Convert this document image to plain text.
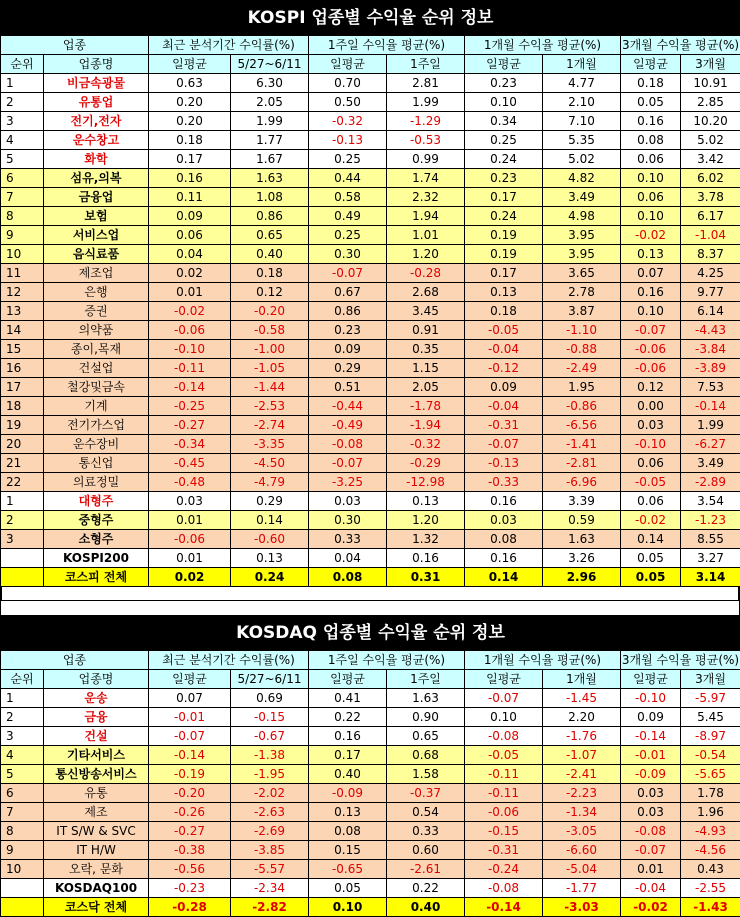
KOSPI 업종별 수익율 순위 정보									
업종		최근 분석기간 수익률(%)		1주일 수익율 평균(%)		1개월 수익율 평균(%)		3개월 수익율 평균(%)	
순위	업종명	일평균	5/27~6/11	일평균	1주일	일평균	1개월	일평균	3개월
1	비금속광물	0.63	6.30	0.70	2.81	0.23	4.77	0.18	10.91
2	유통업	0.20	2.05	0.50	1.99	0.10	2.10	0.05	2.85
3	전기,전자	0.20	1.99	-0.32	-1.29	0.34	7.10	0.16	10.20
4	운수창고	0.18	1.77	-0.13	-0.53	0.25	5.35	0.08	5.02
5	화학	0.17	1.67	0.25	0.99	0.24	5.02	0.06	3.42
6	섬유,의복	0.16	1.63	0.44	1.74	0.23	4.82	0.10	6.02
7	금융업	0.11	1.08	0.58	2.32	0.17	3.49	0.06	3.78
8	보험	0.09	0.86	0.49	1.94	0.24	4.98	0.10	6.17
9	서비스업	0.06	0.65	0.25	1.01	0.19	3.95	-0.02	-1.04
10	음식료품	0.04	0.40	0.30	1.20	0.19	3.95	0.13	8.37
11	제조업	0.02	0.18	-0.07	-0.28	0.17	3.65	0.07	4.25
12	은행	0.01	0.12	0.67	2.68	0.13	2.78	0.16	9.77
13	증권	-0.02	-0.20	0.86	3.45	0.18	3.87	0.10	6.14
14	의약품	-0.06	-0.58	0.23	0.91	-0.05	-1.10	-0.07	-4.43
15	종이,목재	-0.10	-1.00	0.09	0.35	-0.04	-0.88	-0.06	-3.84
16	건설업	-0.11	-1.05	0.29	1.15	-0.12	-2.49	-0.06	-3.89
17	철강및금속	-0.14	-1.44	0.51	2.05	0.09	1.95	0.12	7.53
18	기계	-0.25	-2.53	-0.44	-1.78	-0.04	-0.86	0.00	-0.14
19	전기가스업	-0.27	-2.74	-0.49	-1.94	-0.31	-6.56	0.03	1.99
20	운수장비	-0.34	-3.35	-0.08	-0.32	-0.07	-1.41	-0.10	-6.27
21	통신업	-0.45	-4.50	-0.07	-0.29	-0.13	-2.81	0.06	3.49
22	의료정밀	-0.48	-4.79	-3.25	-12.98	-0.33	-6.96	-0.05	-2.89
1	대형주	0.03	0.29	0.03	0.13	0.16	3.39	0.06	3.54
2	중형주	0.01	0.14	0.30	1.20	0.03	0.59	-0.02	-1.23
3	소형주	-0.06	-0.60	0.33	1.32	0.08	1.63	0.14	8.55
	KOSPI200	0.01	0.13	0.04	0.16	0.16	3.26	0.05	3.27
	코스피 전체	0.02	0.24	0.08	0.31	0.14	2.96	0.05	3.14
KOSDAQ 업종별 수익율 순위 정보									
업종		최근 분석기간 수익률(%)		1주일 수익율 평균(%)		1개월 수익율 평균(%)		3개월 수익율 평균(%)	
순위	업종명	일평균	5/27~6/11	일평균	1주일	일평균	1개월	일평균	3개월
1	운송	0.07	0.69	0.41	1.63	-0.07	-1.45	-0.10	-5.97
2	금융	-0.01	-0.15	0.22	0.90	0.10	2.20	0.09	5.45
3	건설	-0.07	-0.67	0.16	0.65	-0.08	-1.76	-0.14	-8.97
4	기타서비스	-0.14	-1.38	0.17	0.68	-0.05	-1.07	-0.01	-0.54
5	통신방송서비스	-0.19	-1.95	0.40	1.58	-0.11	-2.41	-0.09	-5.65
6	유통	-0.20	-2.02	-0.09	-0.37	-0.11	-2.23	0.03	1.78
7	제조	-0.26	-2.63	0.13	0.54	-0.06	-1.34	0.03	1.96
8	IT S/W & SVC	-0.27	-2.69	0.08	0.33	-0.15	-3.05	-0.08	-4.93
9	IT H/W	-0.38	-3.85	0.15	0.60	-0.31	-6.60	-0.07	-4.56
10	오락, 문화	-0.56	-5.57	-0.65	-2.61	-0.24	-5.04	0.01	0.43
	KOSDAQ100	-0.23	-2.34	0.05	0.22	-0.08	-1.77	-0.04	-2.55
	코스닥 전체	-0.28	-2.82	0.10	0.40	-0.14	-3.03	-0.02	-1.43
